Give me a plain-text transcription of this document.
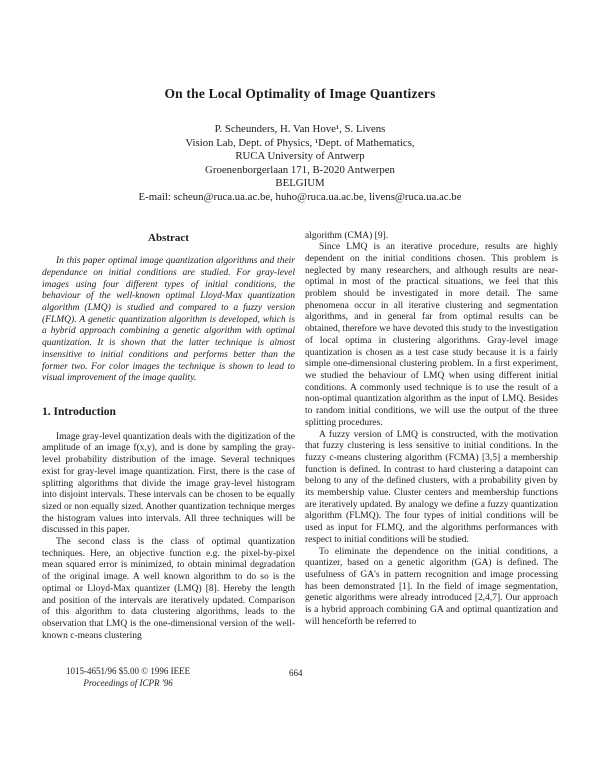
On the Local Optimality of Image Quantizers
P. Scheunders, H. Van Hove¹, S. Livens
Vision Lab, Dept. of Physics, ¹Dept. of Mathematics,
RUCA University of Antwerp
Groenenborgerlaan 171, B-2020 Antwerpen
BELGIUM
E-mail: scheun@ruca.ua.ac.be, huho@ruca.ua.ac.be, livens@ruca.ua.ac.be
Abstract

In this paper optimal image quantization algorithms and their dependance on initial conditions are studied. For gray-level images using four different types of initial conditions, the behaviour of the well-known optimal Lloyd-Max quantization algorithm (LMQ) is studied and compared to a fuzzy version (FLMQ). A genetic quantization algorithm is developed, which is a hybrid approach combining a genetic algorithm with optimal quantization. It is shown that the latter technique is almost insensitive to initial conditions and performs better than the former two. For color images the technique is shown to lead to visual improvement of the image quality.

1. Introduction

Image gray-level quantization deals with the digitization of the amplitude of an image f(x,y), and is done by sampling the gray-level probability distribution of the image. Several techniques exist for gray-level image quantization. First, there is the case of splitting algorithms that divide the image gray-level histogram into disjoint intervals. These intervals can be chosen to be equally sized or non equally sized. Another quantization technique merges the histogram values into intervals. All three techniques will be discussed in this paper.

The second class is the class of optimal quantization techniques. Here, an objective function e.g. the pixel-by-pixel mean squared error is minimized, to obtain minimal degradation of the original image. A well known algorithm to do so is the optimal or Lloyd-Max quantizer (LMQ) [8]. Hereby the length and position of the intervals are iteratively updated. Comparison of this algorithm to data clustering algorithms, leads to the observation that LMQ is the one-dimensional version of the well-known c-means clustering

algorithm (CMA) [9].

Since LMQ is an iterative procedure, results are highly dependent on the initial conditions chosen. This problem is neglected by many researchers, and although results are near-optimal in most of the practical situations, we feel that this problem should be investigated in more detail. The same phenomena occur in all iterative clustering and segmentation algorithms, and in general far from optimal results can be obtained, therefore we have devoted this study to the investigation of local optima in clustering algorithms. Gray-level image quantization is chosen as a test case study because it is a fairly simple one-dimensional clustering problem. In a first experiment, we studied the behaviour of LMQ when using different initial conditions. A commonly used technique is to use the result of a non-optimal quantization algorithm as the input of LMQ. Besides to random initial conditions, we will use the output of the three splitting procedures.

A fuzzy version of LMQ is constructed, with the motivation that fuzzy clustering is less sensitive to initial conditions. In the fuzzy c-means clustering algorithm (FCMA) [3,5] a membership function is defined. In contrast to hard clustering a datapoint can belong to any of the defined clusters, with a probability given by its membership value. Cluster centers and membership functions are iteratively updated. By analogy we define a fuzzy quantization algorithm (FLMQ). The four types of initial conditions will be used as input for FLMQ, and the algorithms performances with respect to initial conditions will be studied.

To eliminate the dependence on the initial conditions, a quantizer, based on a genetic algorithm (GA) is defined. The usefulness of GA's in pattern recognition and image processing has been demonstrated [1]. In the field of image segmentation, genetic algorithms were already introduced [2,4,7]. Our approach is a hybrid approach combining GA and optimal quantization and will henceforth be referred to

1015-4651/96 $5.00 © 1996 IEEE
Proceedings of ICPR '96
664
